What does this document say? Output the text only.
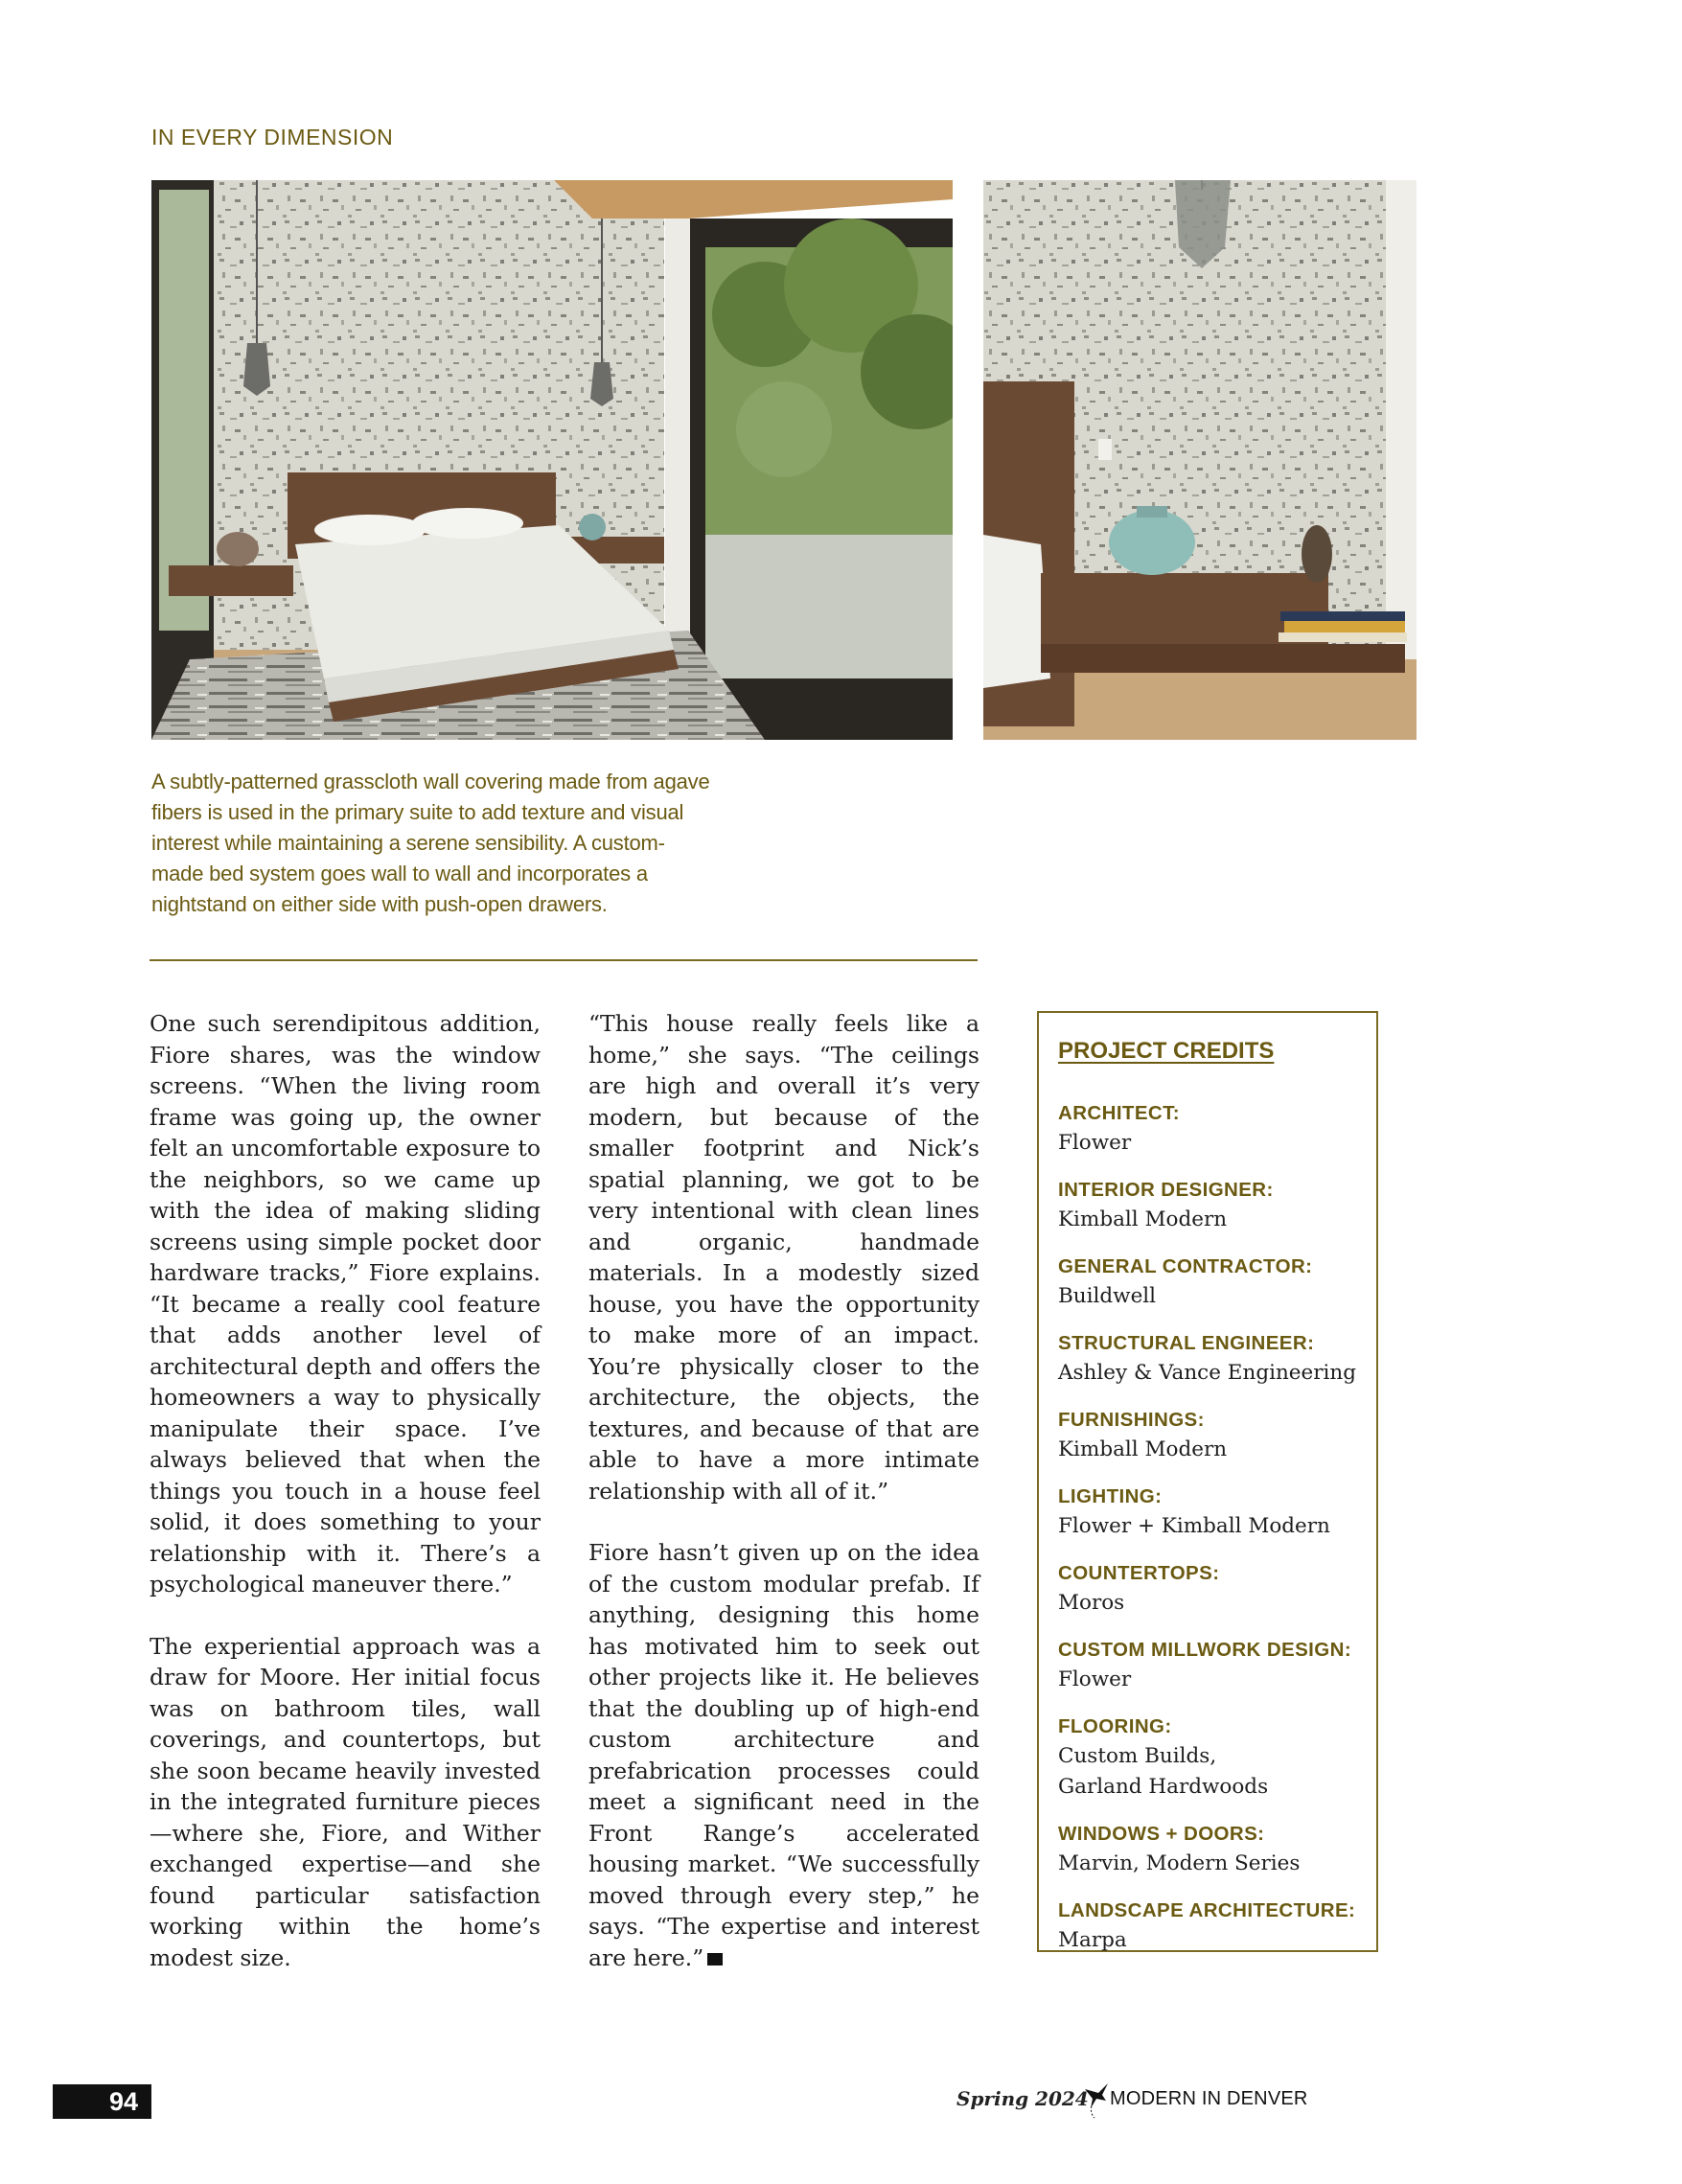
IN EVERY DIMENSION
A subtly-patterned grasscloth wall covering made from agave fibers is used in the primary suite to add texture and visual interest while maintaining a serene sensibility. A custom-made bed system goes wall to wall and incorporates a nightstand on either side with push-open drawers.

One such serendipitous addition, Fiore shares, was the window screens. “When the living room frame was going up, the owner felt an uncomfortable exposure to the neighbors, so we came up with the idea of making sliding screens using simple pocket door hardware tracks,” Fiore explains. “It became a really cool feature that adds another level of architectural depth and offers the homeowners a way to physically manipulate their space. I’ve always believed that when the things you touch in a house feel solid, it does something to your relationship with it. There’s a psychological maneuver there.”

The experiential approach was a draw for Moore. Her initial focus was on bathroom tiles, wall coverings, and countertops, but she soon became heavily invested in the integrated furniture pieces—where she, Fiore, and Wither exchanged expertise—and she found particular satisfaction working within the home’s modest size.

“This house really feels like a home,” she says. “The ceilings are high and overall it’s very modern, but because of the smaller footprint and Nick’s spatial planning, we got to be very intentional with clean lines and organic, handmade materials. In a modestly sized house, you have the opportunity to make more of an impact. You’re physically closer to the architecture, the objects, the textures, and because of that are able to have a more intimate relationship with all of it.”

Fiore hasn’t given up on the idea of the custom modular prefab. If anything, designing this home has motivated him to seek out other projects like it. He believes that the doubling up of high-end custom architecture and prefabrication processes could meet a significant need in the Front Range’s accelerated housing market. “We successfully moved through every step,” he says. “The expertise and interest are here.”

PROJECT CREDITS
ARCHITECT:
Flower
INTERIOR DESIGNER:
Kimball Modern
GENERAL CONTRACTOR:
Buildwell
STRUCTURAL ENGINEER:
Ashley & Vance Engineering
FURNISHINGS:
Kimball Modern
LIGHTING:
Flower + Kimball Modern
COUNTERTOPS:
Moros
CUSTOM MILLWORK DESIGN:
Flower
FLOORING:
Custom Builds,
Garland Hardwoods
WINDOWS + DOORS:
Marvin, Modern Series
LANDSCAPE ARCHITECTURE:
Marpa
94	Spring 2024 MODERN IN DENVER
